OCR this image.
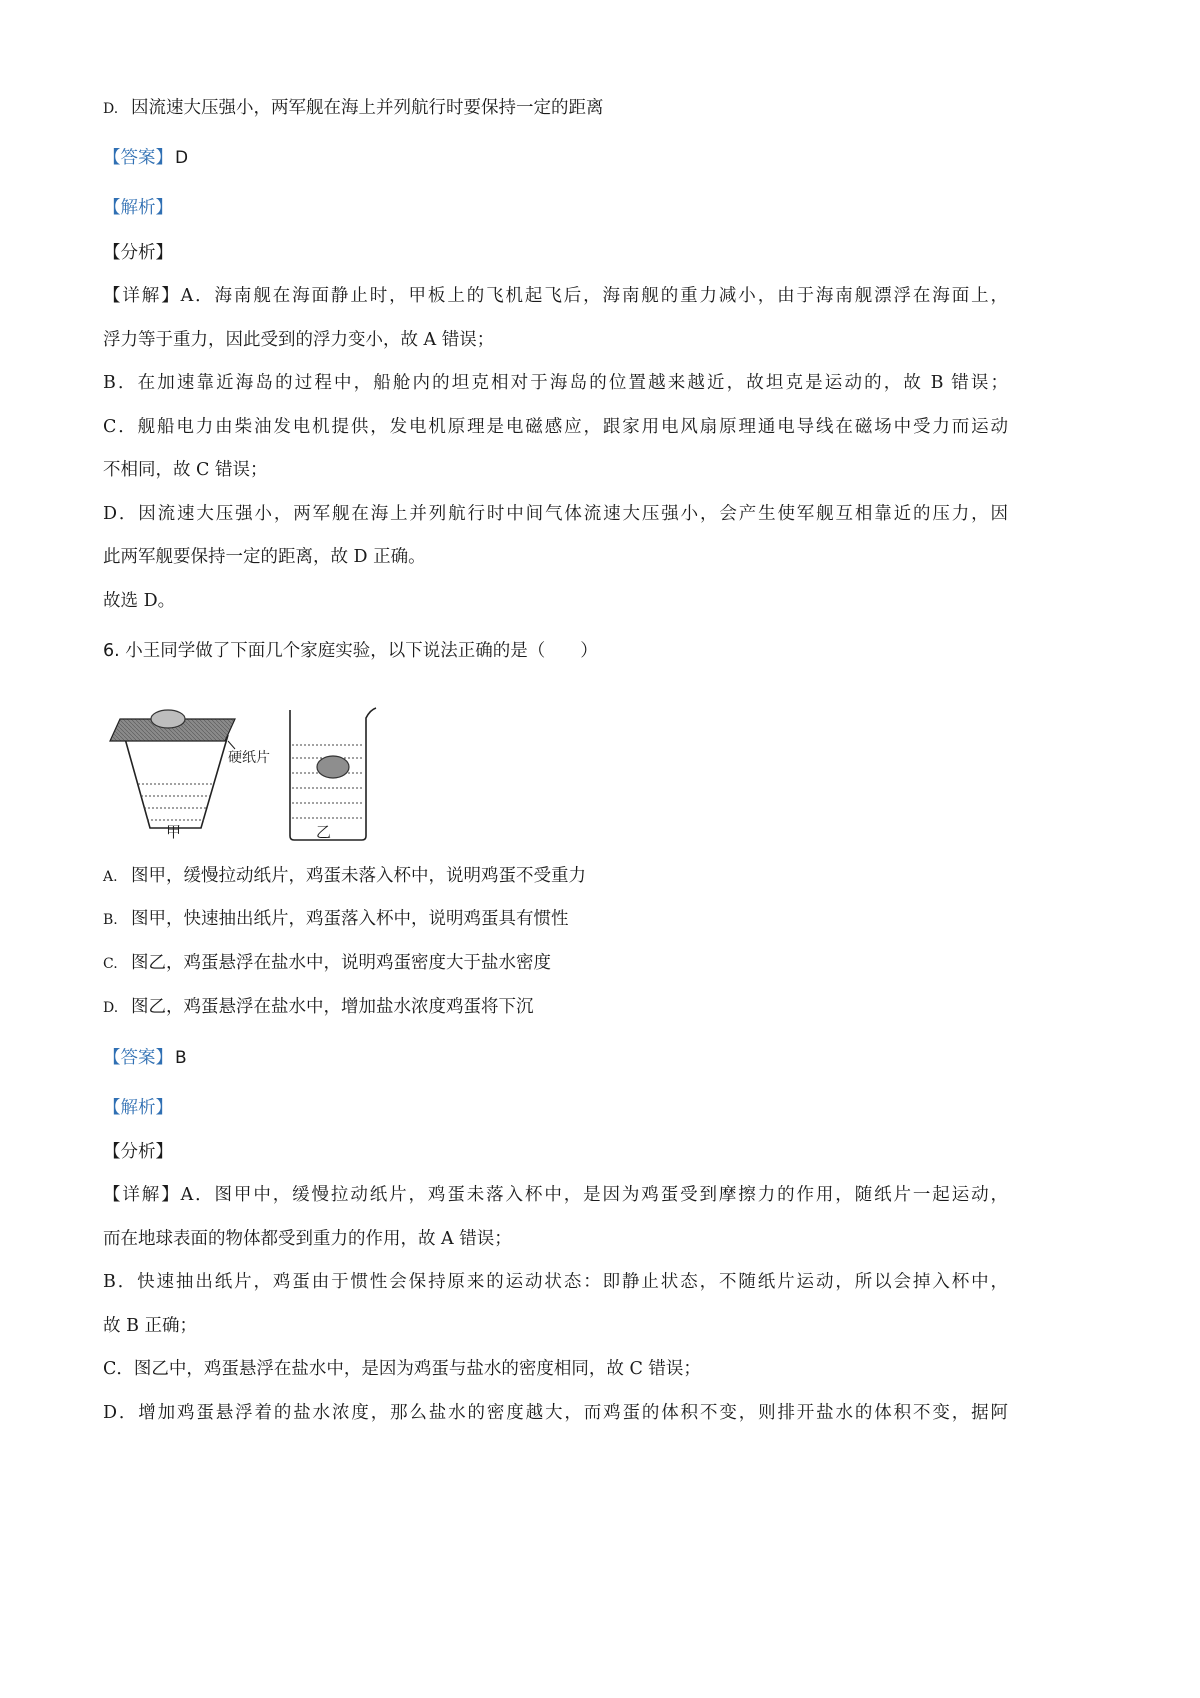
D. 因流速大压强小，两军舰在海上并列航行时要保持一定的距离
【答案】 D
【解析】
【分析】
【详解】A．海南舰在海面静止时，甲板上的飞机起飞后，海南舰的重力减小，由于海南舰漂浮在海面上，
浮力等于重力，因此受到的浮力变小，故 A 错误；
B．在加速靠近海岛的过程中，船舱内的坦克相对于海岛的位置越来越近，故坦克是运动的，故 B 错误；
C．舰船电力由柴油发电机提供，发电机原理是电磁感应，跟家用电风扇原理通电导线在磁场中受力而运动
不相同，故 C 错误；
D．因流速大压强小，两军舰在海上并列航行时中间气体流速大压强小，会产生使军舰互相靠近的压力，因
此两军舰要保持一定的距离，故 D 正确。
故选 D。
6. 小王同学做了下面几个家庭实验，以下说法正确的是（　　）
硬纸片
甲	乙
A. 图甲，缓慢拉动纸片，鸡蛋未落入杯中，说明鸡蛋不受重力
B. 图甲，快速抽出纸片，鸡蛋落入杯中，说明鸡蛋具有惯性
C. 图乙，鸡蛋悬浮在盐水中，说明鸡蛋密度大于盐水密度
D. 图乙，鸡蛋悬浮在盐水中，增加盐水浓度鸡蛋将下沉
【答案】 B
【解析】
【分析】
【详解】A．图甲中，缓慢拉动纸片，鸡蛋未落入杯中，是因为鸡蛋受到摩擦力的作用，随纸片一起运动，
而在地球表面的物体都受到重力的作用，故 A 错误；
B．快速抽出纸片，鸡蛋由于惯性会保持原来的运动状态：即静止状态，不随纸片运动，所以会掉入杯中，
故 B 正确；
C．图乙中，鸡蛋悬浮在盐水中，是因为鸡蛋与盐水的密度相同，故 C 错误；
D．增加鸡蛋悬浮着的盐水浓度，那么盐水的密度越大，而鸡蛋的体积不变，则排开盐水的体积不变，据阿
